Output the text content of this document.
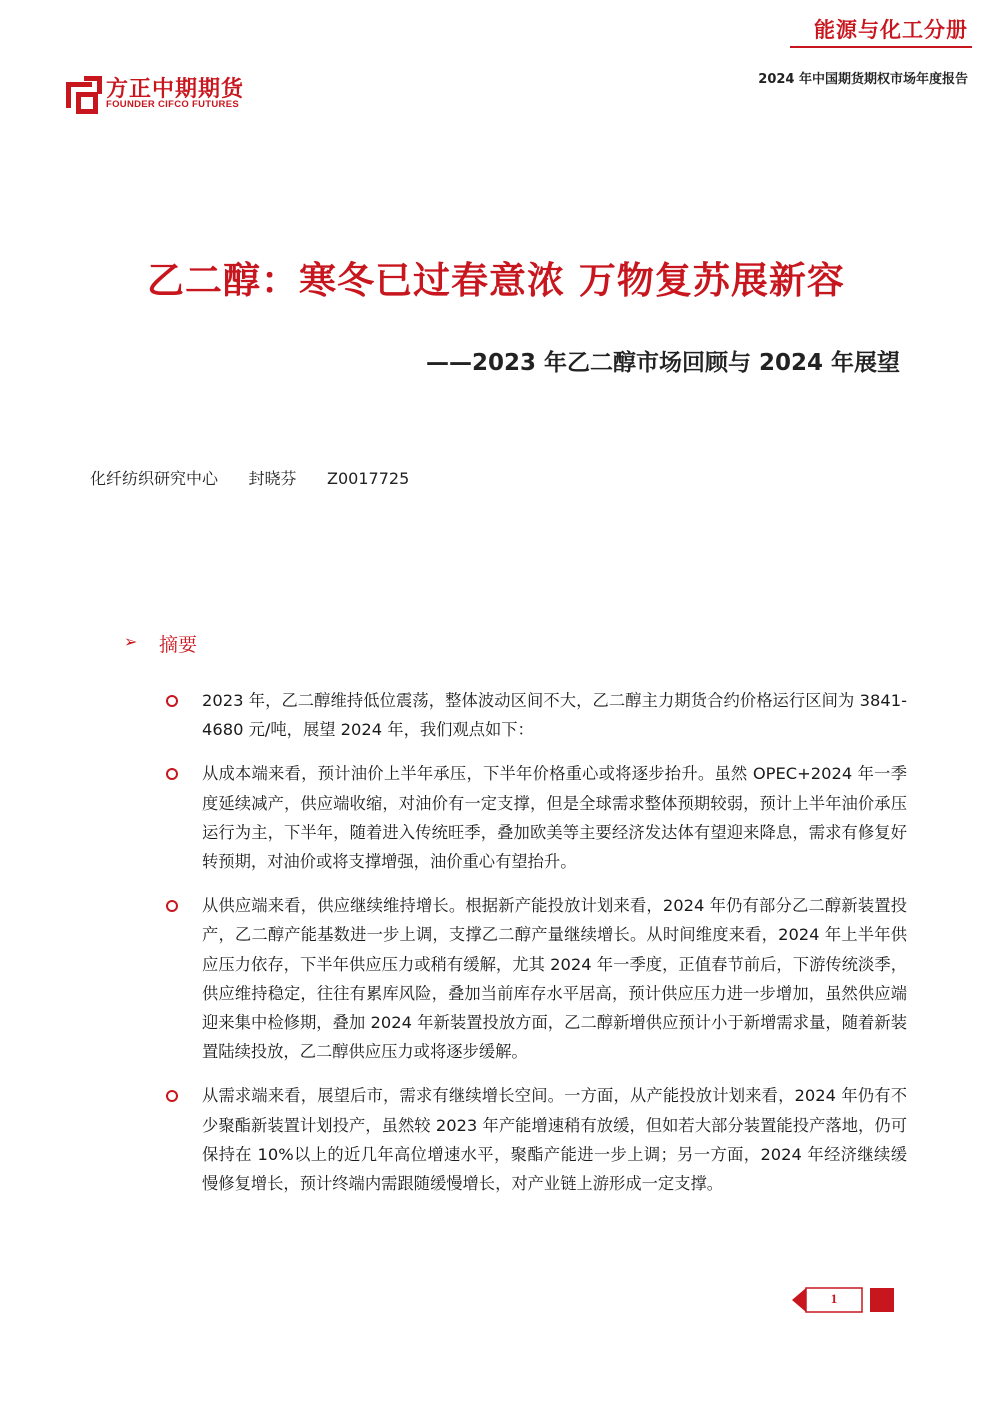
能源与化工分册
2024 年中国期货期权市场年度报告
方正中期期货
FOUNDER CIFCO FUTURES
乙二醇：寒冬已过春意浓 万物复苏展新容
——2023 年乙二醇市场回顾与 2024 年展望
化纤纺织研究中心      封晓芬      Z0017725
➢ 摘要
2023 年，乙二醇维持低位震荡，整体波动区间不大，乙二醇主力期货合约价格运行区间为 3841-4680 元/吨，展望 2024 年，我们观点如下：
从成本端来看，预计油价上半年承压，下半年价格重心或将逐步抬升。虽然 OPEC+2024 年一季度延续减产，供应端收缩，对油价有一定支撑，但是全球需求整体预期较弱，预计上半年油价承压运行为主，下半年，随着进入传统旺季，叠加欧美等主要经济发达体有望迎来降息，需求有修复好转预期，对油价或将支撑增强，油价重心有望抬升。
从供应端来看，供应继续维持增长。根据新产能投放计划来看，2024 年仍有部分乙二醇新装置投产，乙二醇产能基数进一步上调，支撑乙二醇产量继续增长。从时间维度来看，2024 年上半年供应压力依存，下半年供应压力或稍有缓解，尤其 2024 年一季度，正值春节前后，下游传统淡季，供应维持稳定，往往有累库风险，叠加当前库存水平居高，预计供应压力进一步增加，虽然供应端迎来集中检修期，叠加 2024 年新装置投放方面，乙二醇新增供应预计小于新增需求量，随着新装置陆续投放，乙二醇供应压力或将逐步缓解。
从需求端来看，展望后市，需求有继续增长空间。一方面，从产能投放计划来看，2024 年仍有不少聚酯新装置计划投产，虽然较 2023 年产能增速稍有放缓，但如若大部分装置能投产落地，仍可保持在 10%以上的近几年高位增速水平，聚酯产能进一步上调；另一方面，2024 年经济继续缓慢修复增长，预计终端内需跟随缓慢增长，对产业链上游形成一定支撑。
1
